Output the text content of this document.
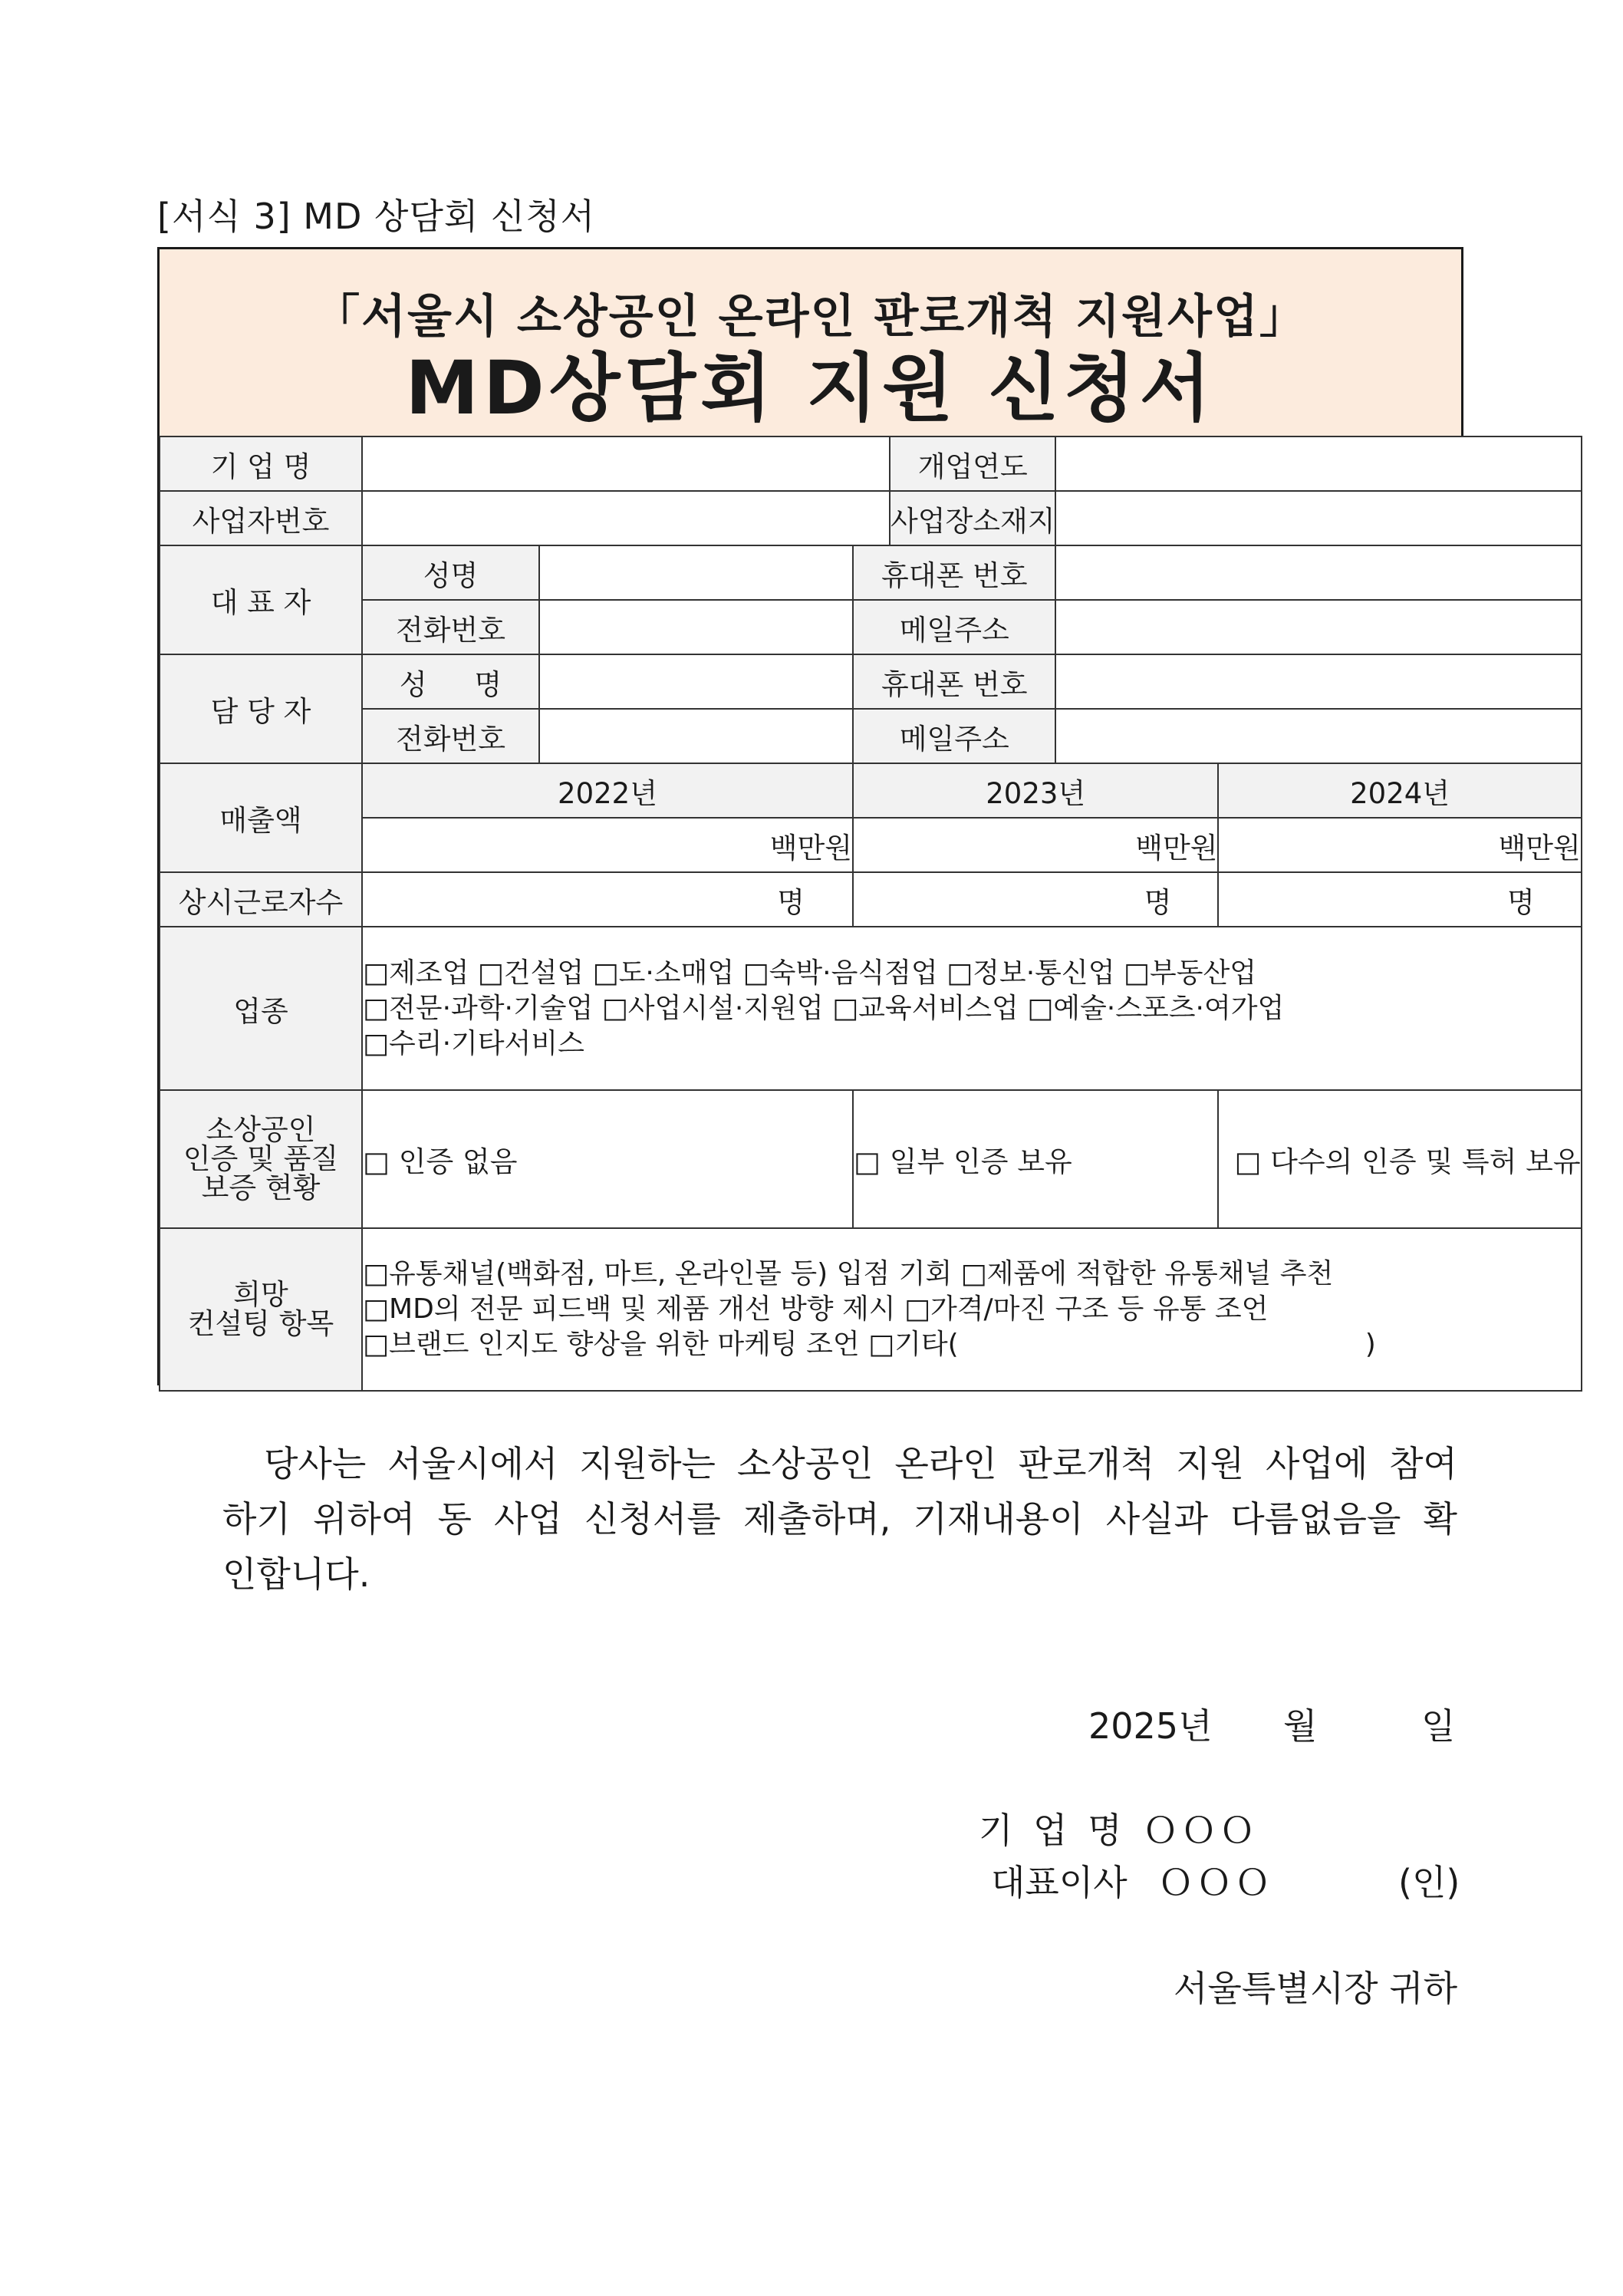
[서식 3] MD 상담회 신청서
「서울시 소상공인 온라인 판로개척 지원사업」
MD상담회 지원 신청서
기 업 명				개업연도		
사업자번호				사업장소재지		
대 표 자	성명		휴대폰 번호			
	전화번호		메일주소			
담 당 자	성 명		휴대폰 번호			
	전화번호		메일주소			
매출액	2022년		2023년			2024년
	백만원		백만원			백만원
상시근로자수	명		명			명
업종	□제조업 □건설업 □도·소매업 □숙박·음식점업 □정보·통신업 □부동산업
□전문·과학·기술업 □사업시설·지원업 □교육서비스업 □예술·스포츠·여가업
□수리·기타서비스					

소상공인
인증 및 품질
보증 현황	□ 인증 없음		□ 일부 인증 보유			□ 다수의 인증 및 특허 보유

희망
컨설팅 항목	□유통채널(백화점, 마트, 온라인몰 등) 입점 기회 □제품에 적합한 유통채널 추천
□MD의 전문 피드백 및 제품 개선 방향 제시 □가격/마진 구조 등 유통 조언
□브랜드 인지도 향상을 위한 마케팅 조언 □기타( )					
당사는 서울시에서 지원하는 소상공인 온라인 판로개척 지원 사업에 참여
하기 위하여 동 사업 신청서를 제출하며, 기재내용이 사실과 다름없음을 확
인합니다.
2025년 월	일
기 업 명 ＯＯＯ
대표이사 ＯＯＯ	(인)
서울특별시장 귀하
